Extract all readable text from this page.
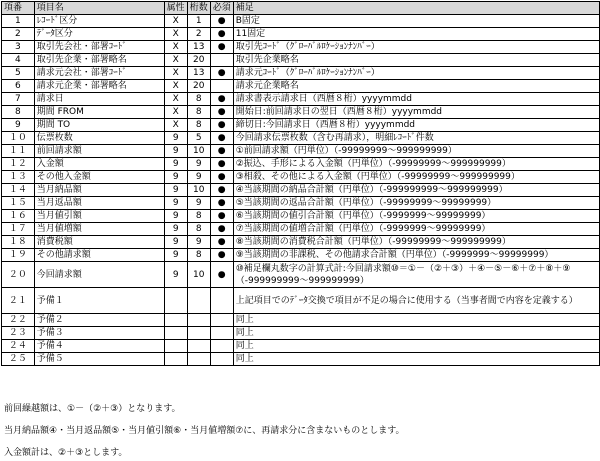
項番	項目名	属性	桁数	必須	補足
1	ﾚｺｰﾄﾞ区分	X	1	●	B固定
2	ﾃﾞｰﾀ区分	X	2	●	11固定
3	取引先会社・部署ｺｰﾄﾞ	X	13	●	取引先ｺｰﾄﾞ（ｸﾞﾛｰﾊﾞﾙﾛｹｰｼｮﾝﾅﾝﾊﾞｰ）
4	取引先企業・部署略名	X	20		取引先企業略名
5	請求元会社・部署ｺｰﾄﾞ	X	13	●	請求元ｺｰﾄﾞ（ｸﾞﾛｰﾊﾞﾙﾛｹｰｼｮﾝﾅﾝﾊﾞｰ）
6	請求元企業・部署略名	X	20		請求元企業略名
7	請求日	X	8	●	請求書表示請求日（西暦８桁）yyyymmdd
8	期間 FROM	X	8	●	開始日:前回請求日の翌日（西暦８桁）yyyymmdd
9	期間 TO	X	8	●	締切日:今回請求日（西暦８桁）yyyymmdd
１０	伝票枚数	9	5	●	今回請求伝票枚数（含む再請求），明細ﾚｺｰﾄﾞ件数
１１	前回請求額	9	10	●	①前回請求額（円単位）（-99999999～999999999）
１２	入金額	9	9	●	②振込、手形による入金額（円単位）（-99999999～999999999）
１３	その他入金額	9	9	●	③相殺、その他による入金額（円単位）（-99999999～999999999）
１４	当月納品額	9	10	●	④当該期間の納品合計額（円単位）（-999999999～999999999）
１５	当月返品額	9	9	●	⑤当該期間の返品合計額（円単位）（-99999999～99999999）
１６	当月値引額	9	8	●	⑥当該期間の値引合計額（円単位）（-9999999～99999999）
１７	当月値増額	9	8	●	⑦当該期間の値増合計額（円単位）（-9999999～99999999）
１８	消費税額	9	9	●	⑧当該期間の消費税合計額（円単位）（-99999999～999999999）
１９	その他請求額	9	8	●	⑨当該期間の非課税、その他請求合計額（円単位）（-9999999～99999999）
２０	今回請求額	9	10	●	⑩補足欄丸数字の計算式計:今回請求額⑩＝①－（②＋③）＋④－⑤－⑥＋⑦＋⑧＋⑨　（-999999999～999999999）
２１	予備１				上記項目でのﾃﾞｰﾀ交換で項目が不足の場合に使用する（当事者間で内容を定義する）
２２	予備２				同上
２３	予備３				同上
２４	予備４				同上
２５	予備５				同上
前回繰越額は、①－（②＋③）となります。
当月納品額④・当月返品額⑤・当月値引額⑥・当月値増額⑦に、再請求分に含まないものとします。
入金額計は、②＋③とします。
